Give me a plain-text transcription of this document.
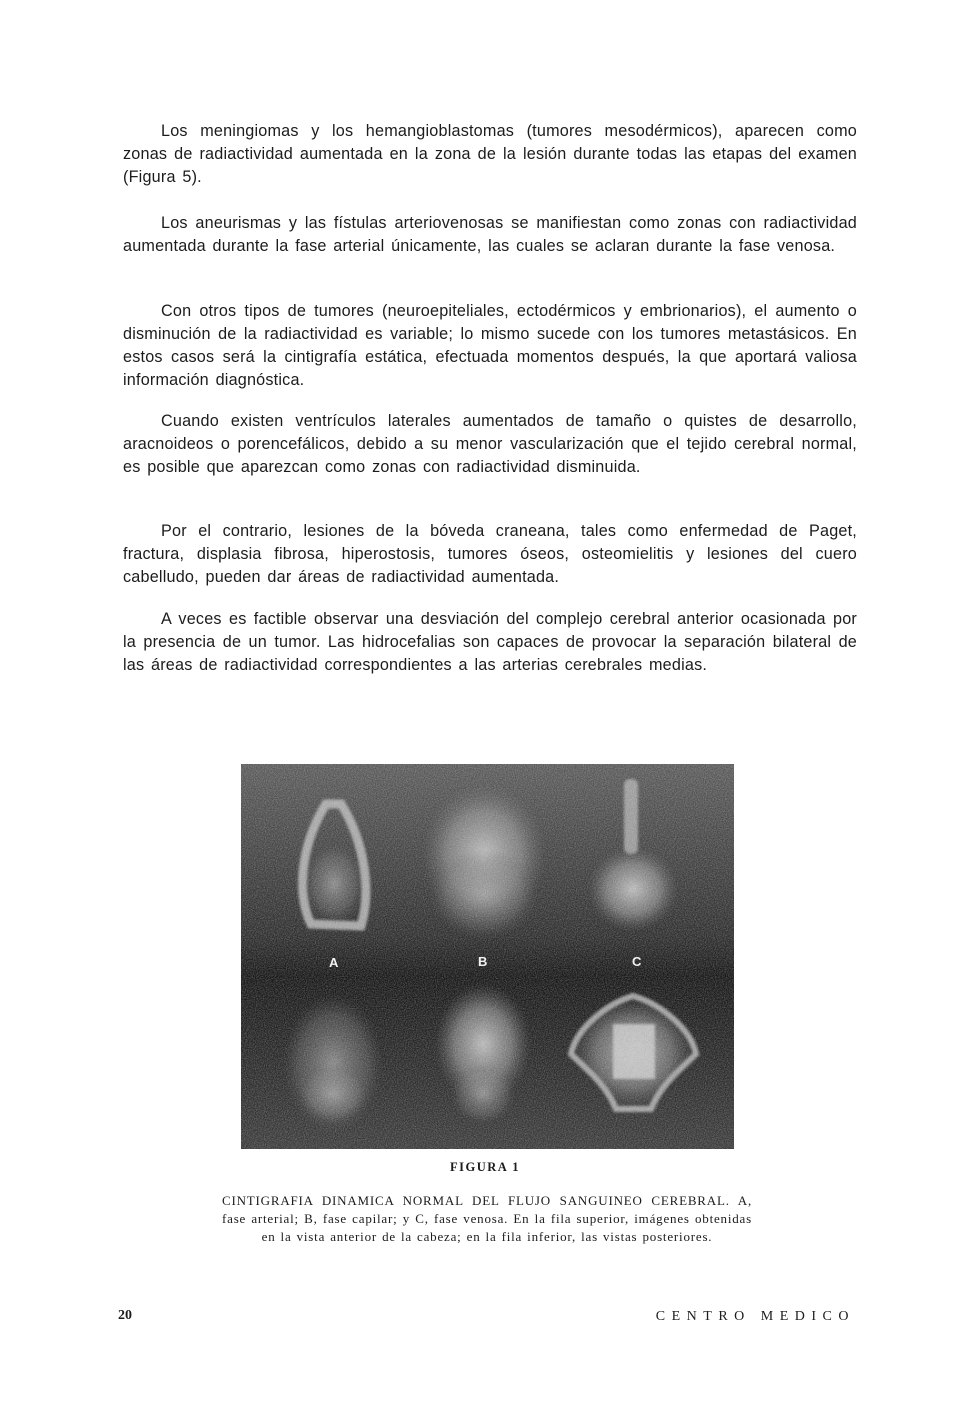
Los meningiomas y los hemangioblastomas (tumores mesodérmicos), aparecen como zonas de radiactividad aumentada en la zona de la lesión durante todas las etapas del examen (Figura 5).

Los aneurismas y las fístulas arteriovenosas se manifiestan como zonas con radiactividad aumentada durante la fase arterial únicamente, las cuales se aclaran durante la fase venosa.

Con otros tipos de tumores (neuroepiteliales, ectodérmicos y embrionarios), el aumento o disminución de la radiactividad es variable; lo mismo sucede con los tumores metastásicos. En estos casos será la cintigrafía estática, efectuada momentos después, la que aportará valiosa información diagnóstica.

Cuando existen ventrículos laterales aumentados de tamaño o quistes de desarrollo, aracnoideos o porencefálicos, debido a su menor vascularización que el tejido cerebral normal, es posible que aparezcan como zonas con radiactividad disminuida.

Por el contrario, lesiones de la bóveda craneana, tales como enfermedad de Paget, fractura, displasia fibrosa, hiperostosis, tumores óseos, osteomielitis y lesiones del cuero cabelludo, pueden dar áreas de radiactividad aumentada.

A veces es factible observar una desviación del complejo cerebral anterior ocasionada por la presencia de un tumor. Las hidrocefalias son capaces de provocar la separación bilateral de las áreas de radiactividad correspondientes a las arterias cerebrales medias.

A	B	C
FIGURA 1

CINTIGRAFIA DINAMICA NORMAL DEL FLUJO SANGUINEO CEREBRAL. A, fase arterial; B, fase capilar; y C, fase venosa. En la fila superior, imágenes obtenidas en la vista anterior de la cabeza; en la fila inferior, las vistas posteriores.

20	CENTRO MEDICO
